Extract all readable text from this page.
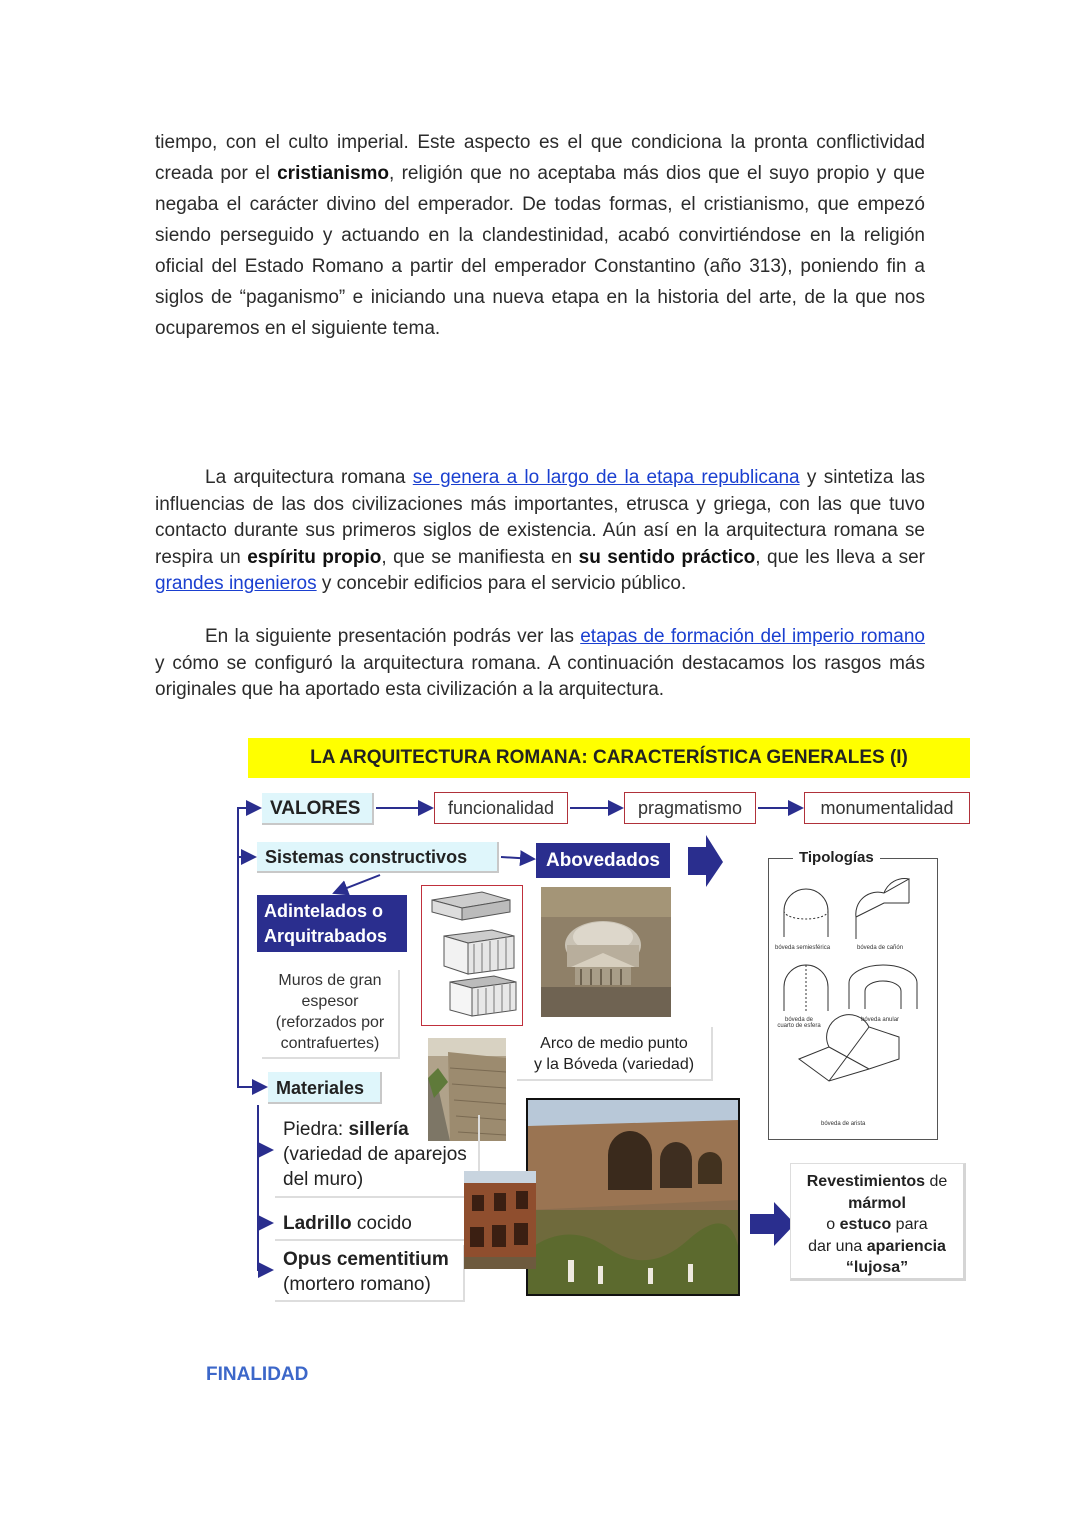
tiempo, con el culto imperial. Este aspecto es el que condiciona la pronta conflictividad creada por el cristianismo, religión que no aceptaba más dios que el suyo propio y que negaba el carácter divino del emperador. De todas formas, el cristianismo, que empezó siendo perseguido y actuando en la clandestinidad, acabó convirtiéndose en la religión oficial del Estado Romano a partir del emperador Constantino (año 313), poniendo fin a siglos de “paganismo” e iniciando una nueva etapa en la historia del arte, de la que nos ocuparemos en el siguiente tema.

La arquitectura romana se genera a lo largo de la etapa republicana y sintetiza las influencias de las dos civilizaciones más importantes, etrusca y griega, con las que tuvo contacto durante sus primeros siglos de existencia. Aún así en la arquitectura romana se respira un espíritu propio, que se manifiesta en su sentido práctico, que les lleva a ser grandes ingenieros y concebir edificios para el servicio público.

En la siguiente presentación podrás ver las etapas de formación del imperio romano y cómo se configuró la arquitectura romana. A continuación destacamos los rasgos más originales que ha aportado esta civilización a la arquitectura.

LA ARQUITECTURA ROMANA: CARACTERÍSTICA GENERALES (I)
VALORES	funcionalidad	pragmatismo	monumentalidad
Sistemas constructivos	Abovedados
Adintelados o
Arquitrabados
Muros de gran
espesor
(reforzados por
contrafuertes)	Arco de medio punto
y la Bóveda (variedad)
Tipologías
bóveda semiesférica	bóveda de cañón
bóveda de cuarto de esfera
bóveda anular
bóveda de arista
Materiales
Piedra: sillería
(variedad de aparejos
del muro)
Ladrillo cocido
Opus cementitium
(mortero romano)
Revestimientos de
mármol
o estuco para
dar una apariencia
“lujosa”
FINALIDAD
